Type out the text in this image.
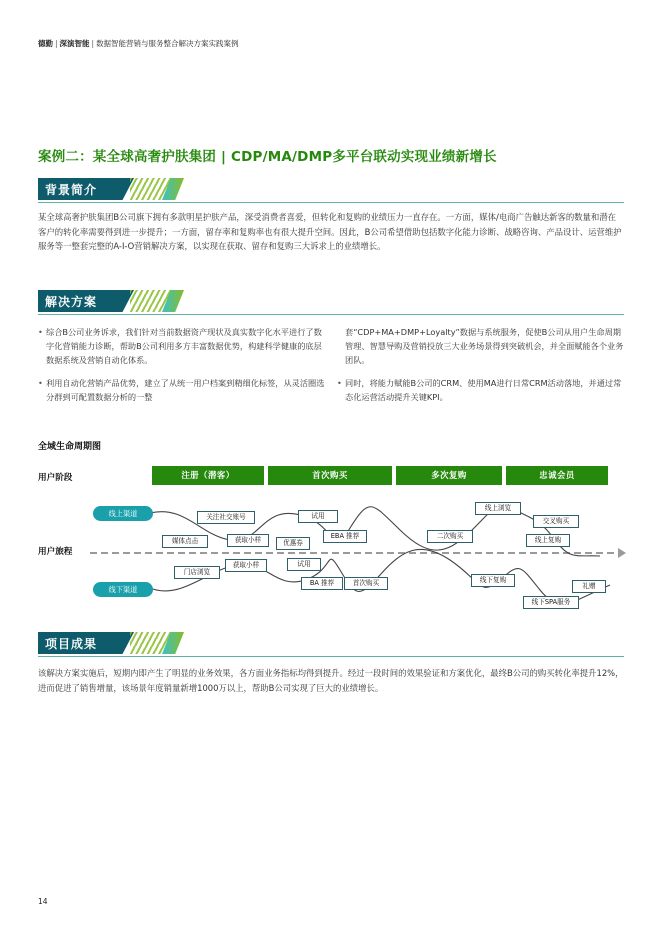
德勤 | 深演智能 | 数据智能营销与服务整合解决方案实践案例
案例二：某全球高奢护肤集团 | CDP/MA/DMP多平台联动实现业绩新增长
背景简介
某全球高奢护肤集团B公司旗下拥有多款明星护肤产品，深受消费者喜爱，但转化和复购的业绩压力一直存在。一方面，媒体/电商广告触达新客的数量和潜在客户的转化率需要得到进一步提升；一方面，留存率和复购率也有很大提升空间。因此，B公司希望借助包括数字化能力诊断、战略咨询、产品设计、运营维护服务等一整套完整的A-I-O营销解决方案，以实现在获取、留存和复购三大诉求上的业绩增长。
解决方案
• 综合B公司业务诉求，我们针对当前数据资产现状及真实数字化水平进行了数字化营销能力诊断，帮助B公司利用多方丰富数据优势，构建科学健康的底层数据系统及营销自动化体系。
• 利用自动化营销产品优势，建立了从统一用户档案到精细化标签，从灵活圈选分群到可配置数据分析的一整
套“CDP+MA+DMP+Loyalty”数据与系统服务，促使B公司从用户生命周期管理、智慧导购及营销投放三大业务场景得到突破机会，并全面赋能各个业务团队。
• 同时，将能力赋能B公司的CRM、使用MA进行日常CRM活动落地，并通过常态化运营活动提升关键KPI。
全域生命周期图
用户阶段
用户旅程
注册（潜客）	首次购买	多次复购	忠诚会员
线上渠道
线下渠道
关注社交账号	试用
线上浏览
交叉购买
媒体点击	获取小样	优惠券
EBA 推荐	二次购买	线上复购
门店浏览
获取小样	试用
BA 推荐	首次购买	线下复购
礼赠
线下SPA服务
项目成果
该解决方案实施后，短期内即产生了明显的业务效果，各方面业务指标均得到提升。经过一段时间的效果验证和方案优化，最终B公司的购买转化率提升12%，进而促进了销售增量，该场景年度销量新增1000万以上，帮助B公司实现了巨大的业绩增长。
14
